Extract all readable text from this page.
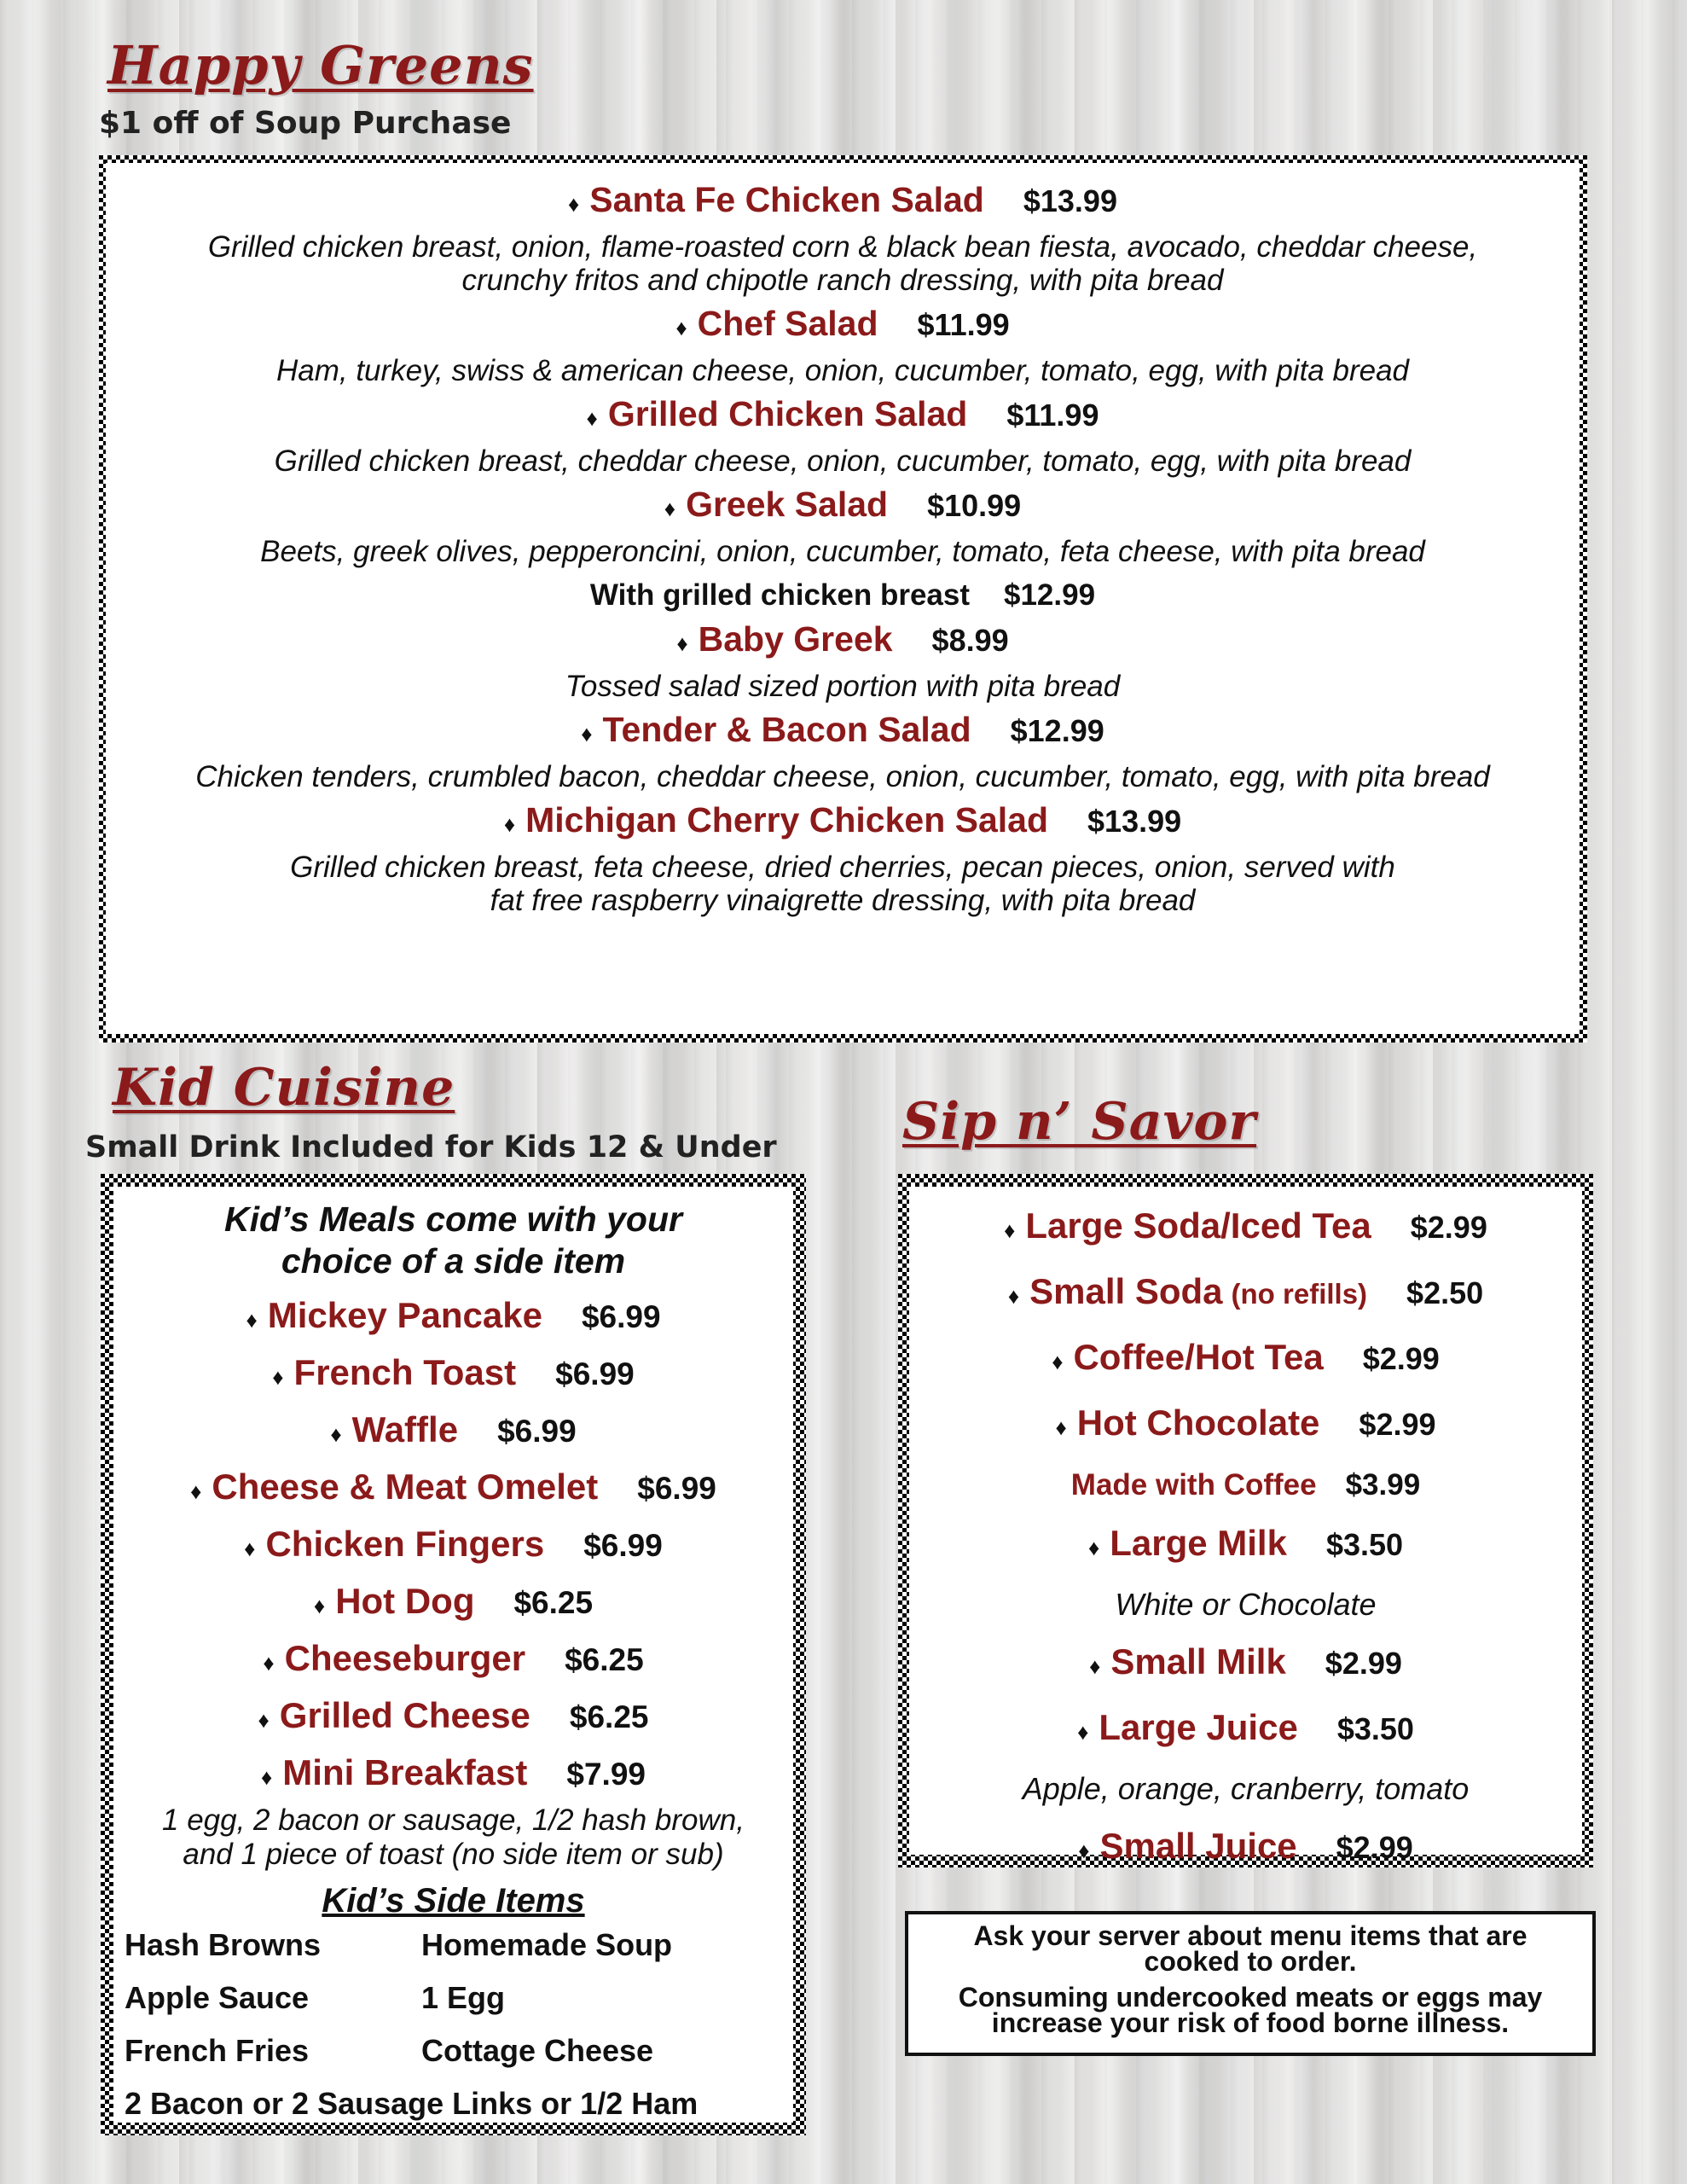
Happy Greens

$1 off of Soup Purchase

♦ Santa Fe Chicken Salad $13.99
Grilled chicken breast, onion, flame-roasted corn & black bean fiesta, avocado, cheddar cheese,
crunchy fritos and chipotle ranch dressing, with pita bread
♦ Chef Salad $11.99
Ham, turkey, swiss & american cheese, onion, cucumber, tomato, egg, with pita bread
♦ Grilled Chicken Salad $11.99
Grilled chicken breast, cheddar cheese, onion, cucumber, tomato, egg, with pita bread
♦ Greek Salad $10.99
Beets, greek olives, pepperoncini, onion, cucumber, tomato, feta cheese, with pita bread
With grilled chicken breast $12.99
♦ Baby Greek $8.99
Tossed salad sized portion with pita bread
♦ Tender & Bacon Salad $12.99
Chicken tenders, crumbled bacon, cheddar cheese, onion, cucumber, tomato, egg, with pita bread
♦ Michigan Cherry Chicken Salad $13.99
Grilled chicken breast, feta cheese, dried cherries, pecan pieces, onion, served with
fat free raspberry vinaigrette dressing, with pita bread
Kid Cuisine

Small Drink Included for Kids 12 & Under

Kid’s Meals come with your
choice of a side item
♦ Mickey Pancake $6.99
♦ French Toast $6.99
♦ Waffle $6.99
♦ Cheese & Meat Omelet $6.99
♦ Chicken Fingers $6.99
♦ Hot Dog $6.25
♦ Cheeseburger $6.25
♦ Grilled Cheese $6.25
♦ Mini Breakfast $7.99
1 egg, 2 bacon or sausage, 1/2 hash brown,
and 1 piece of toast (no side item or sub)
Kid’s Side Items
Hash Browns	Homemade Soup
Apple Sauce	1 Egg
French Fries	Cottage Cheese
2 Bacon or 2 Sausage Links or 1/2 Ham
Sip n’ Savor
♦ Large Soda/Iced Tea $2.99
♦ Small Soda (no refills) $2.50
♦ Coffee/Hot Tea $2.99
♦ Hot Chocolate $2.99
Made with Coffee $3.99
♦ Large Milk $3.50
White or Chocolate
♦ Small Milk $2.99
♦ Large Juice $3.50
Apple, orange, cranberry, tomato
♦ Small Juice $2.99

Ask your server about menu items that are
cooked to order.

Consuming undercooked meats or eggs may
increase your risk of food borne illness.
